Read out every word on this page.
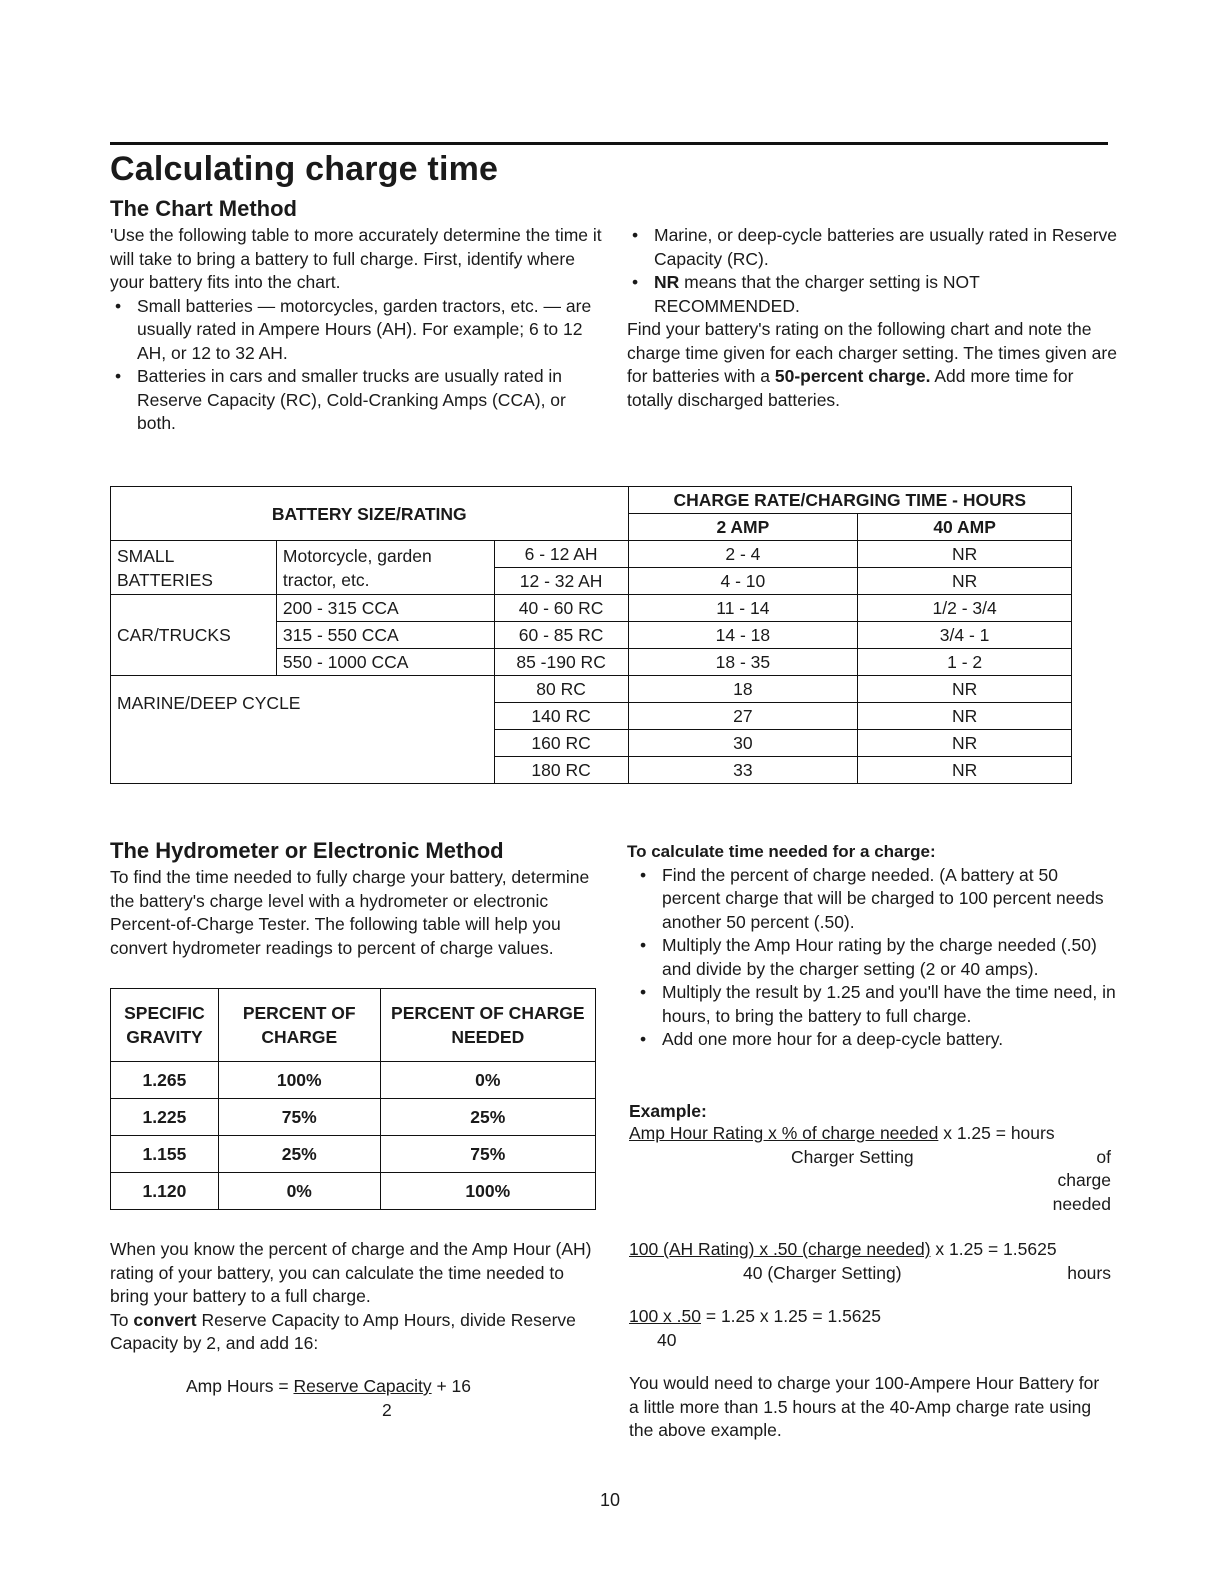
Calculating charge time
The Chart Method

'Use the following table to more accurately determine the time it will take to bring a battery to full charge. First, identify where your battery fits into the chart.

• Small batteries — motorcycles, garden tractors, etc. — are usually rated in Ampere Hours (AH). For example; 6 to 12 AH, or 12 to 32 AH.
• Batteries in cars and smaller trucks are usually rated in Reserve Capacity (RC), Cold-Cranking Amps (CCA), or both.
• Marine, or deep-cycle batteries are usually rated in Reserve Capacity (RC).
• NR means that the charger setting is NOT RECOMMENDED.

Find your battery's rating on the following chart and note the charge time given for each charger setting. The times given are for batteries with a 50-percent charge. Add more time for totally discharged batteries.

BATTERY SIZE/RATING			CHARGE RATE/CHARGING TIME - HOURS	
			2 AMP	40 AMP
SMALL BATTERIES	Motorcycle, garden tractor, etc.	6 - 12 AH	2 - 4	NR
		12 - 32 AH	4 - 10	NR
CAR/TRUCKS	200 - 315 CCA	40 - 60 RC	11 - 14	1/2 - 3/4
	315 - 550 CCA	60 - 85 RC	14 - 18	3/4 - 1
	550 - 1000 CCA	85 -190 RC	18 - 35	1 - 2
MARINE/DEEP CYCLE		80 RC	18	NR
		140 RC	27	NR
		160 RC	30	NR
		180 RC	33	NR
The Hydrometer or Electronic Method

To find the time needed to fully charge your battery, determine the battery's charge level with a hydrometer or electronic Percent-of-Charge Tester. The following table will help you convert hydrometer readings to percent of charge values.

SPECIFIC GRAVITY	PERCENT OF CHARGE	PERCENT OF CHARGE NEEDED
1.265	100%	0%
1.225	75%	25%
1.155	25%	75%
1.120	0%	100%

When you know the percent of charge and the Amp Hour (AH) rating of your battery, you can calculate the time needed to bring your battery to a full charge.

To convert Reserve Capacity to Amp Hours, divide Reserve Capacity by 2, and add 16:

Amp Hours = Reserve Capacity + 16
2

To calculate time needed for a charge:

• Find the percent of charge needed. (A battery at 50 percent charge that will be charged to 100 percent needs another 50 percent (.50).
• Multiply the Amp Hour rating by the charge needed (.50) and divide by the charger setting (2 or 40 amps).
• Multiply the result by 1.25 and you'll have the time need, in hours, to bring the battery to full charge.
• Add one more hour for a deep-cycle battery.

Example:

Amp Hour Rating x % of charge needed x 1.25 = hours
Charger Setting	of
charge
needed
100 (AH Rating) x .50 (charge needed) x 1.25 = 1.5625
40 (Charger Setting)	hours
100 x .50 = 1.25 x 1.25 = 1.5625
40

You would need to charge your 100-Ampere Hour Battery for a little more than 1.5 hours at the 40-Amp charge rate using the above example.

10
